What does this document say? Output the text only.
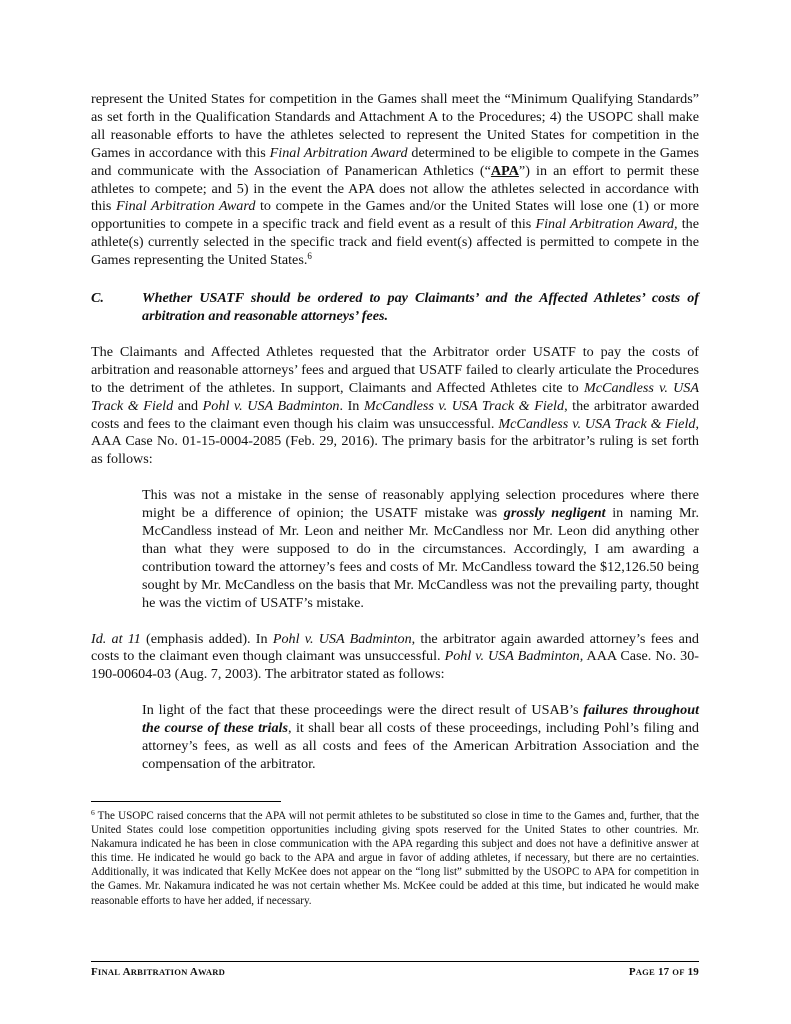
represent the United States for competition in the Games shall meet the “Minimum Qualifying Standards” as set forth in the Qualification Standards and Attachment A to the Procedures; 4) the USOPC shall make all reasonable efforts to have the athletes selected to represent the United States for competition in the Games in accordance with this Final Arbitration Award determined to be eligible to compete in the Games and communicate with the Association of Panamerican Athletics (“APA”) in an effort to permit these athletes to compete; and 5) in the event the APA does not allow the athletes selected in accordance with this Final Arbitration Award to compete in the Games and/or the United States will lose one (1) or more opportunities to compete in a specific track and field event as a result of this Final Arbitration Award, the athlete(s) currently selected in the specific track and field event(s) affected is permitted to compete in the Games representing the United States.$^6$

C.	Whether USATF should be ordered to pay Claimants’ and the Affected Athletes’ costs of arbitration and reasonable attorneys’ fees.

The Claimants and Affected Athletes requested that the Arbitrator order USATF to pay the costs of arbitration and reasonable attorneys’ fees and argued that USATF failed to clearly articulate the Procedures to the detriment of the athletes. In support, Claimants and Affected Athletes cite to McCandless v. USA Track & Field and Pohl v. USA Badminton. In McCandless v. USA Track & Field, the arbitrator awarded costs and fees to the claimant even though his claim was unsuccessful. McCandless v. USA Track & Field, AAA Case No. 01-15-0004-2085 (Feb. 29, 2016). The primary basis for the arbitrator’s ruling is set forth as follows:

This was not a mistake in the sense of reasonably applying selection procedures where there might be a difference of opinion; the USATF mistake was grossly negligent in naming Mr. McCandless instead of Mr. Leon and neither Mr. McCandless nor Mr. Leon did anything other than what they were supposed to do in the circumstances. Accordingly, I am awarding a contribution toward the attorney’s fees and costs of Mr. McCandless toward the $12,126.50 being sought by Mr. McCandless on the basis that Mr. McCandless was not the prevailing party, thought he was the victim of USATF’s mistake.

Id. at 11 (emphasis added). In Pohl v. USA Badminton, the arbitrator again awarded attorney’s fees and costs to the claimant even though claimant was unsuccessful. Pohl v. USA Badminton, AAA Case. No. 30-190-00604-03 (Aug. 7, 2003). The arbitrator stated as follows:

In light of the fact that these proceedings were the direct result of USAB’s failures throughout the course of these trials, it shall bear all costs of these proceedings, including Pohl’s filing and attorney’s fees, as well as all costs and fees of the American Arbitration Association and the compensation of the arbitrator.

$^6$ The USOPC raised concerns that the APA will not permit athletes to be substituted so close in time to the Games and, further, that the United States could lose competition opportunities including giving spots reserved for the United States to other countries. Mr. Nakamura indicated he has been in close communication with the APA regarding this subject and does not have a definitive answer at this time. He indicated he would go back to the APA and argue in favor of adding athletes, if necessary, but there are no certainties. Additionally, it was indicated that Kelly McKee does not appear on the “long list” submitted by the USOPC to APA for competition in the Games. Mr. Nakamura indicated he was not certain whether Ms. McKee could be added at this time, but indicated he would make reasonable efforts to have her added, if necessary.
FINAL ARBITRATION AWARD	PAGE 17 OF 19
